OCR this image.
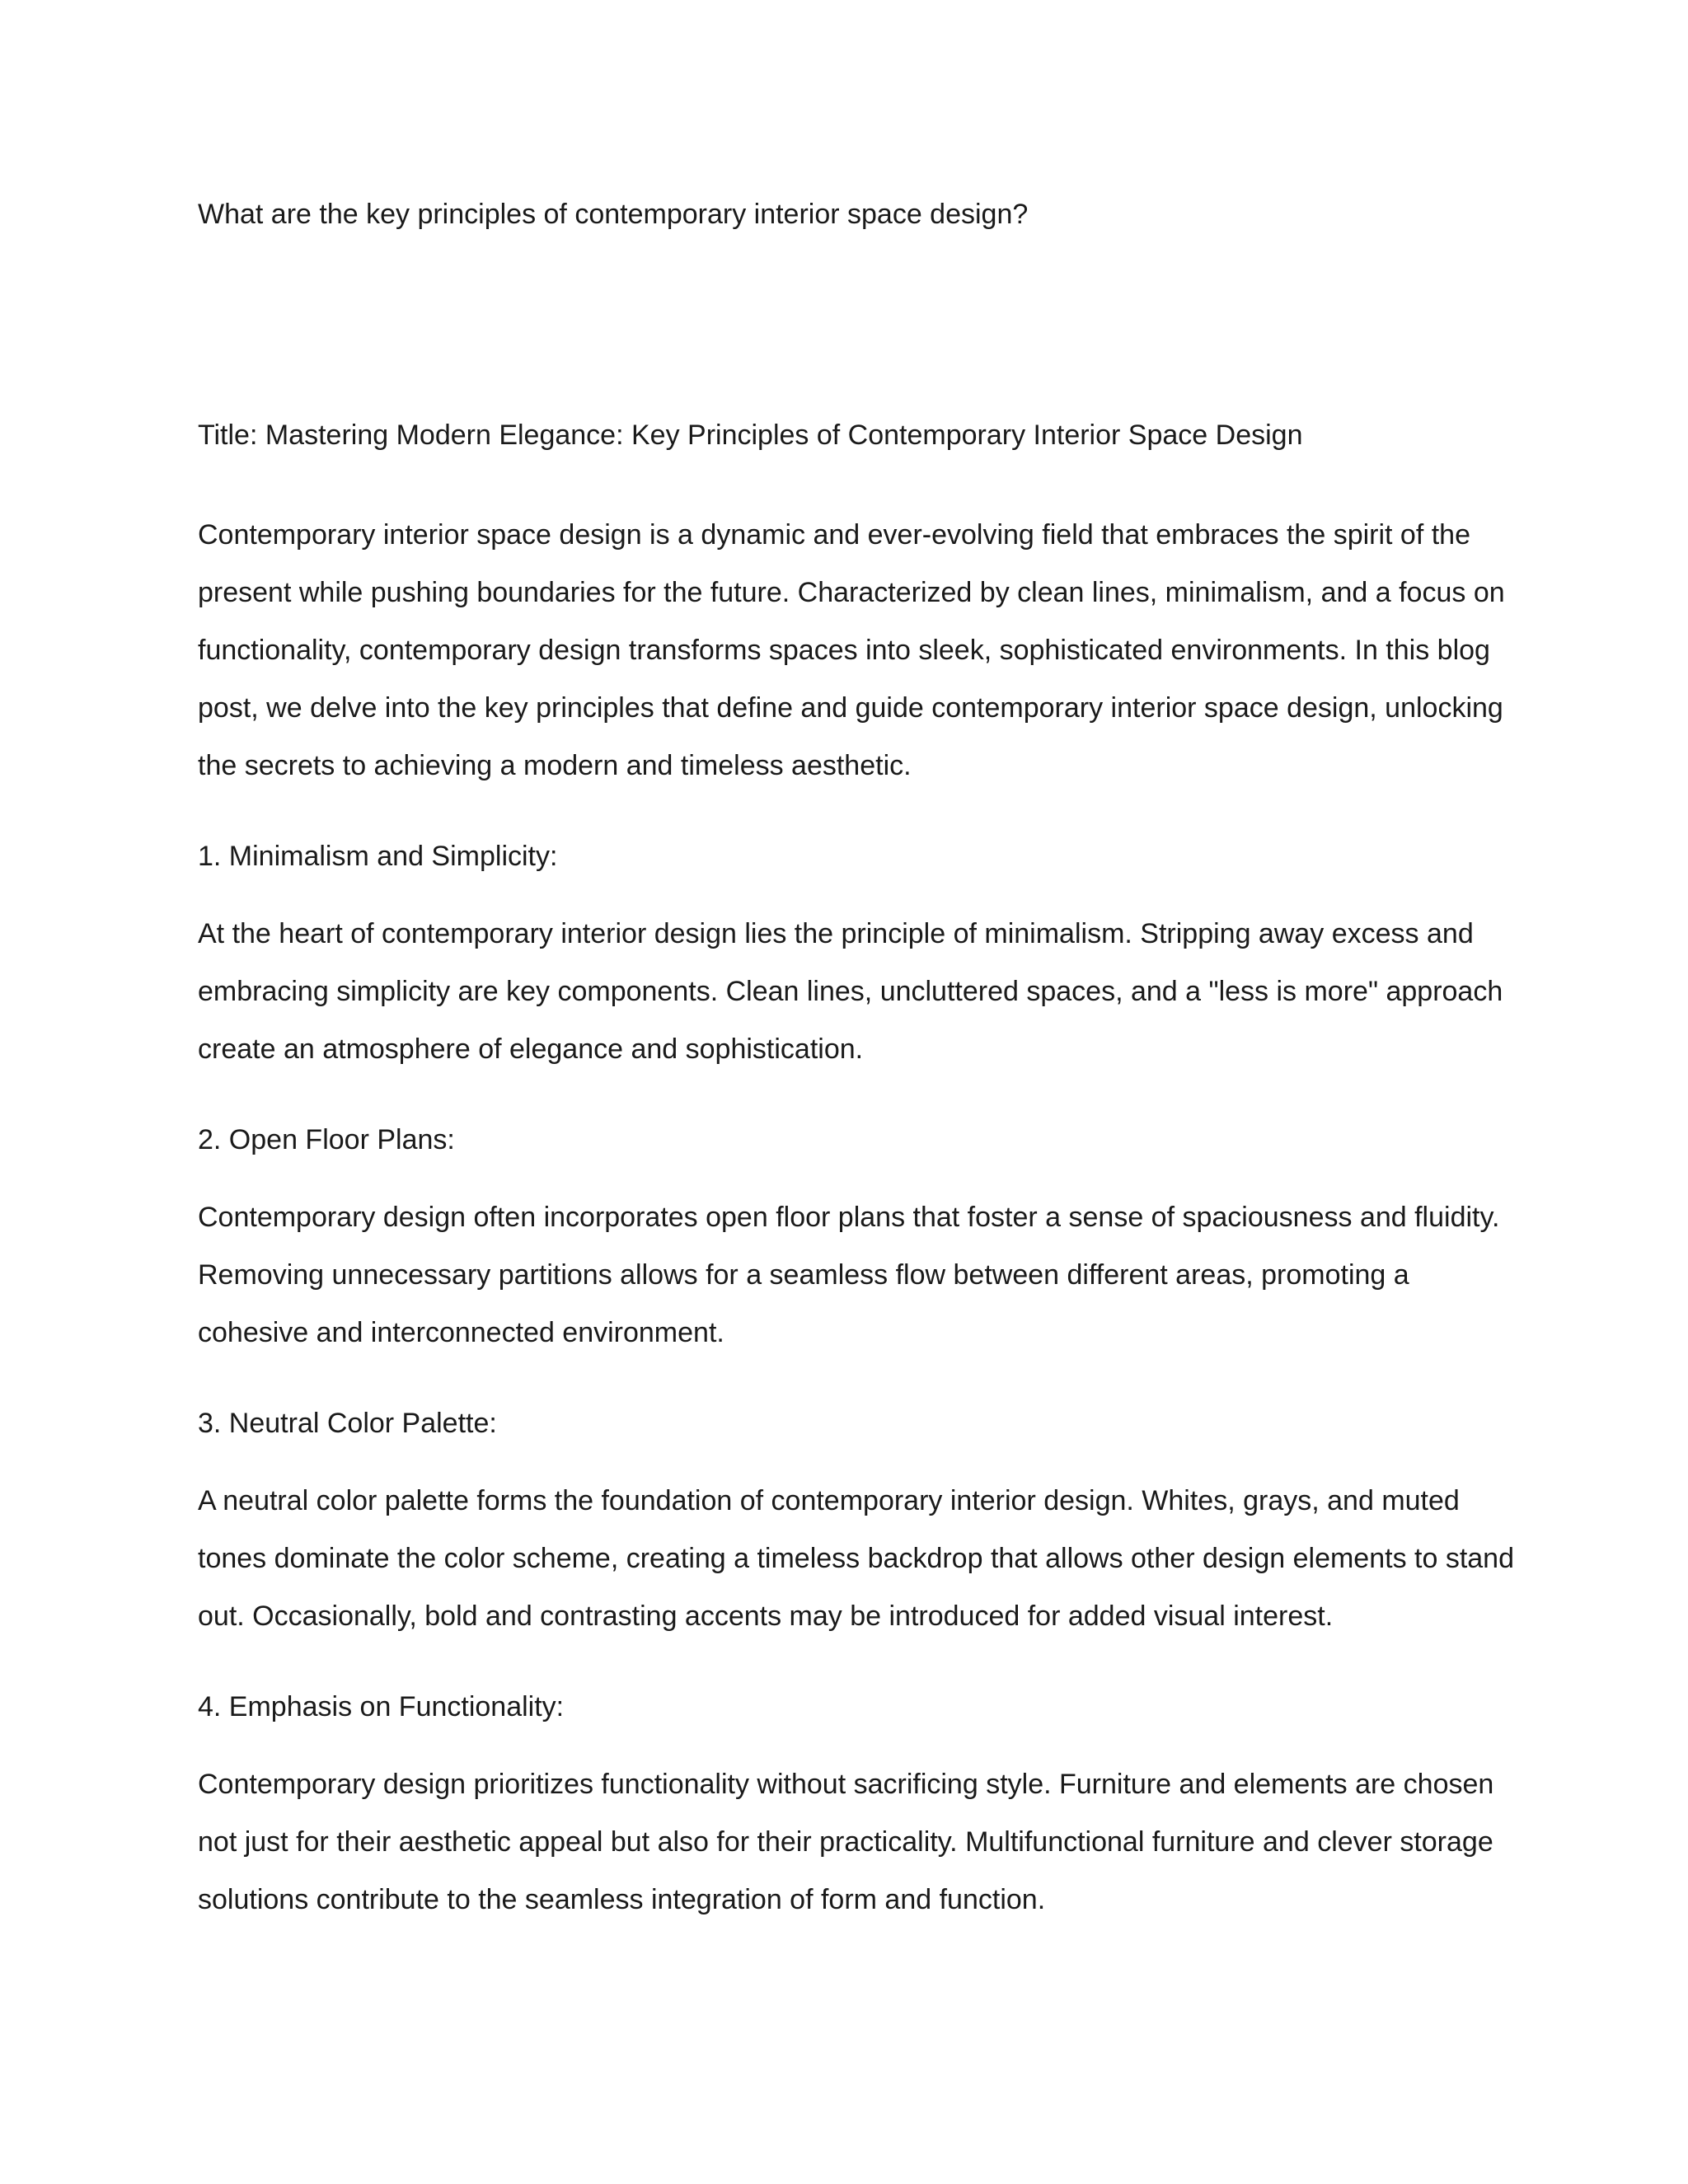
What are the key principles of contemporary interior space design?

Title: Mastering Modern Elegance: Key Principles of Contemporary Interior Space Design

Contemporary interior space design is a dynamic and ever-evolving field that embraces the spirit of the present while pushing boundaries for the future. Characterized by clean lines, minimalism, and a focus on functionality, contemporary design transforms spaces into sleek, sophisticated environments. In this blog post, we delve into the key principles that define and guide contemporary interior space design, unlocking the secrets to achieving a modern and timeless aesthetic.

1. Minimalism and Simplicity:

At the heart of contemporary interior design lies the principle of minimalism. Stripping away excess and embracing simplicity are key components. Clean lines, uncluttered spaces, and a "less is more" approach create an atmosphere of elegance and sophistication.

2. Open Floor Plans:

Contemporary design often incorporates open floor plans that foster a sense of spaciousness and fluidity. Removing unnecessary partitions allows for a seamless flow between different areas, promoting a cohesive and interconnected environment.

3. Neutral Color Palette:

A neutral color palette forms the foundation of contemporary interior design. Whites, grays, and muted tones dominate the color scheme, creating a timeless backdrop that allows other design elements to stand out. Occasionally, bold and contrasting accents may be introduced for added visual interest.

4. Emphasis on Functionality:

Contemporary design prioritizes functionality without sacrificing style. Furniture and elements are chosen not just for their aesthetic appeal but also for their practicality. Multifunctional furniture and clever storage solutions contribute to the seamless integration of form and function.
